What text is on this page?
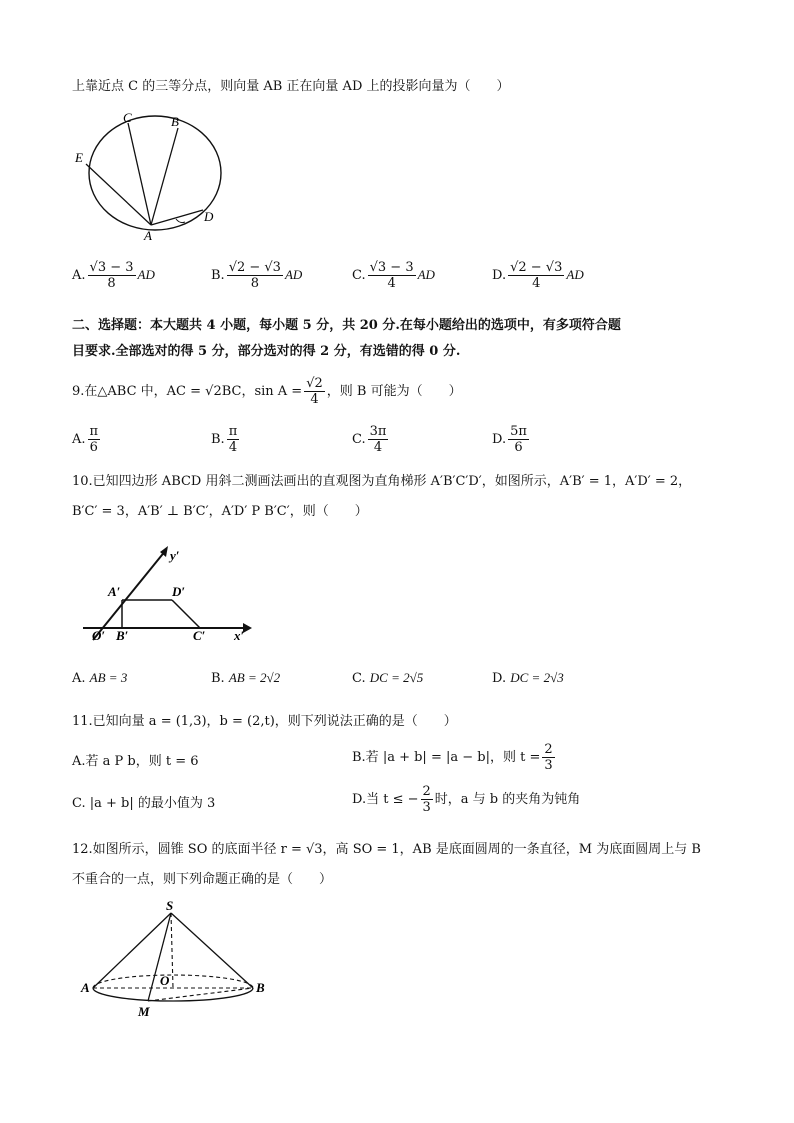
上靠近点 C 的三等分点，则向量 AB 正在向量 AD 上的投影向量为（　　）
C	B
E
A
D
A. $\frac{√3 - 3}{8}$ AD	B. $\frac{√2 - √3}{8}$ AD	C. $\frac{√3 - 3}{4}$ AD	D. $\frac{√2 - √3}{4}$ AD
二、选择题：本大题共 4 小题，每小题 5 分，共 20 分.在每小题给出的选项中，有多项符合题
目要求.全部选对的得 5 分，部分选对的得 2 分，有选错的得 0 分.
9.在△ABC 中，AC = √2BC，$\sin A = \frac{√2}{4}$ ，则 B 可能为（　　）
A. $\frac{\pi}{6}$	B. $\frac{\pi}{4}$	C. $\frac{3\pi}{4}$	D. $\frac{5\pi}{6}$
10.已知四边形 ABCD 用斜二测画法画出的直观图为直角梯形 A′B′C′D′，如图所示，A′B′ = 1，A′D′ = 2，
B′C′ = 3，A′B′ ⊥ B′C′，A′D′ P B′C′，则（　　）
y′
x′
A′	D′
O′ B′	C′
A. AB = 3	B. AB = 2√2	C. DC = 2√5	D. DC = 2√3
11.已知向量 a = (1,3)，b = (2,t)，则下列说法正确的是（　　）
A.若 a P b，则 t = 6	B.若 |a + b| = |a − b|，则 $t = \frac{2}{3}$
C. |a + b| 的最小值为 3	D.当 t ≤ − $\frac{2}{3}$ 时，a 与 b 的夹角为钝角
12.如图所示，圆锥 SO 的底面半径 r = √3，高 SO = 1，AB 是底面圆周的一条直径，M 为底面圆周上与 B
不重合的一点，则下列命题正确的是（　　）
S
A	B
O
M
